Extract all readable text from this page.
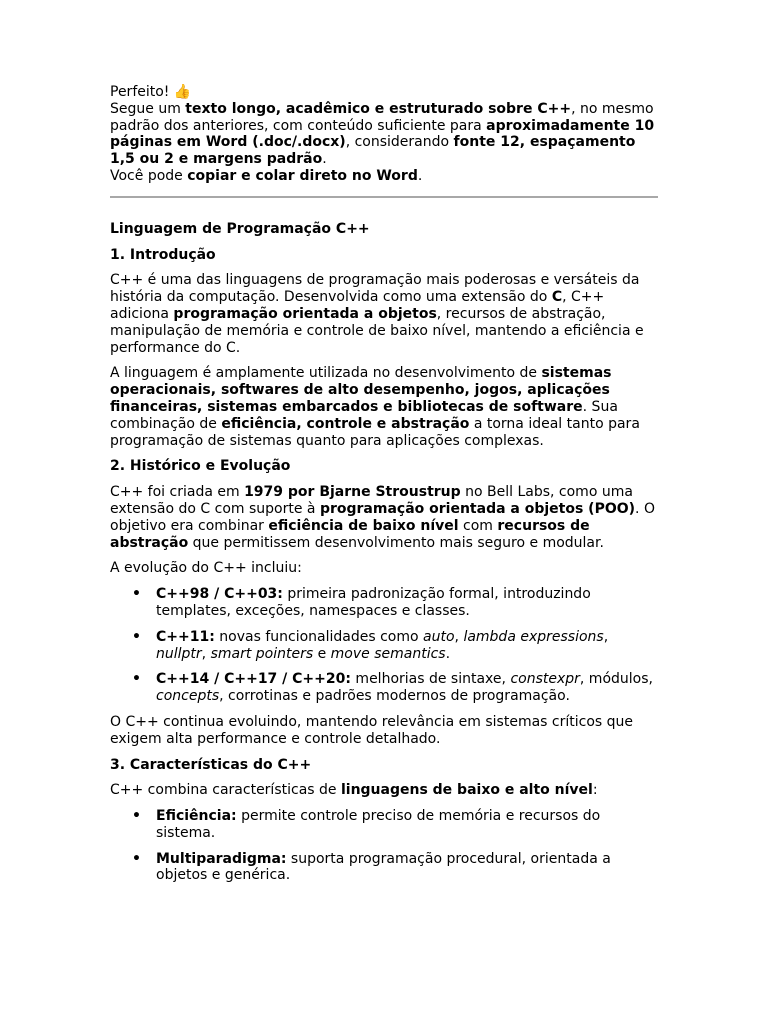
Perfeito! 👍

Segue um texto longo, acadêmico e estruturado sobre C++, no mesmo padrão dos anteriores, com conteúdo suficiente para aproximadamente 10 páginas em Word (.doc/.docx), considerando fonte 12, espaçamento 1,5 ou 2 e margens padrão.

Você pode copiar e colar direto no Word.

Linguagem de Programação C++
1. Introdução

C++ é uma das linguagens de programação mais poderosas e versáteis da história da computação. Desenvolvida como uma extensão do C, C++ adiciona programação orientada a objetos, recursos de abstração, manipulação de memória e controle de baixo nível, mantendo a eficiência e performance do C.

A linguagem é amplamente utilizada no desenvolvimento de sistemas operacionais, softwares de alto desempenho, jogos, aplicações financeiras, sistemas embarcados e bibliotecas de software. Sua combinação de eficiência, controle e abstração a torna ideal tanto para programação de sistemas quanto para aplicações complexas.

2. Histórico e Evolução

C++ foi criada em 1979 por Bjarne Stroustrup no Bell Labs, como uma extensão do C com suporte à programação orientada a objetos (POO). O objetivo era combinar eficiência de baixo nível com recursos de abstração que permitissem desenvolvimento mais seguro e modular.

A evolução do C++ incluiu:

• C++98 / C++03: primeira padronização formal, introduzindo templates, exceções, namespaces e classes.
• C++11: novas funcionalidades como auto, lambda expressions, nullptr, smart pointers e move semantics.
• C++14 / C++17 / C++20: melhorias de sintaxe, constexpr, módulos, concepts, corrotinas e padrões modernos de programação.

O C++ continua evoluindo, mantendo relevância em sistemas críticos que exigem alta performance e controle detalhado.

3. Características do C++

C++ combina características de linguagens de baixo e alto nível:

• Eficiência: permite controle preciso de memória e recursos do sistema.
• Multiparadigma: suporta programação procedural, orientada a objetos e genérica.
